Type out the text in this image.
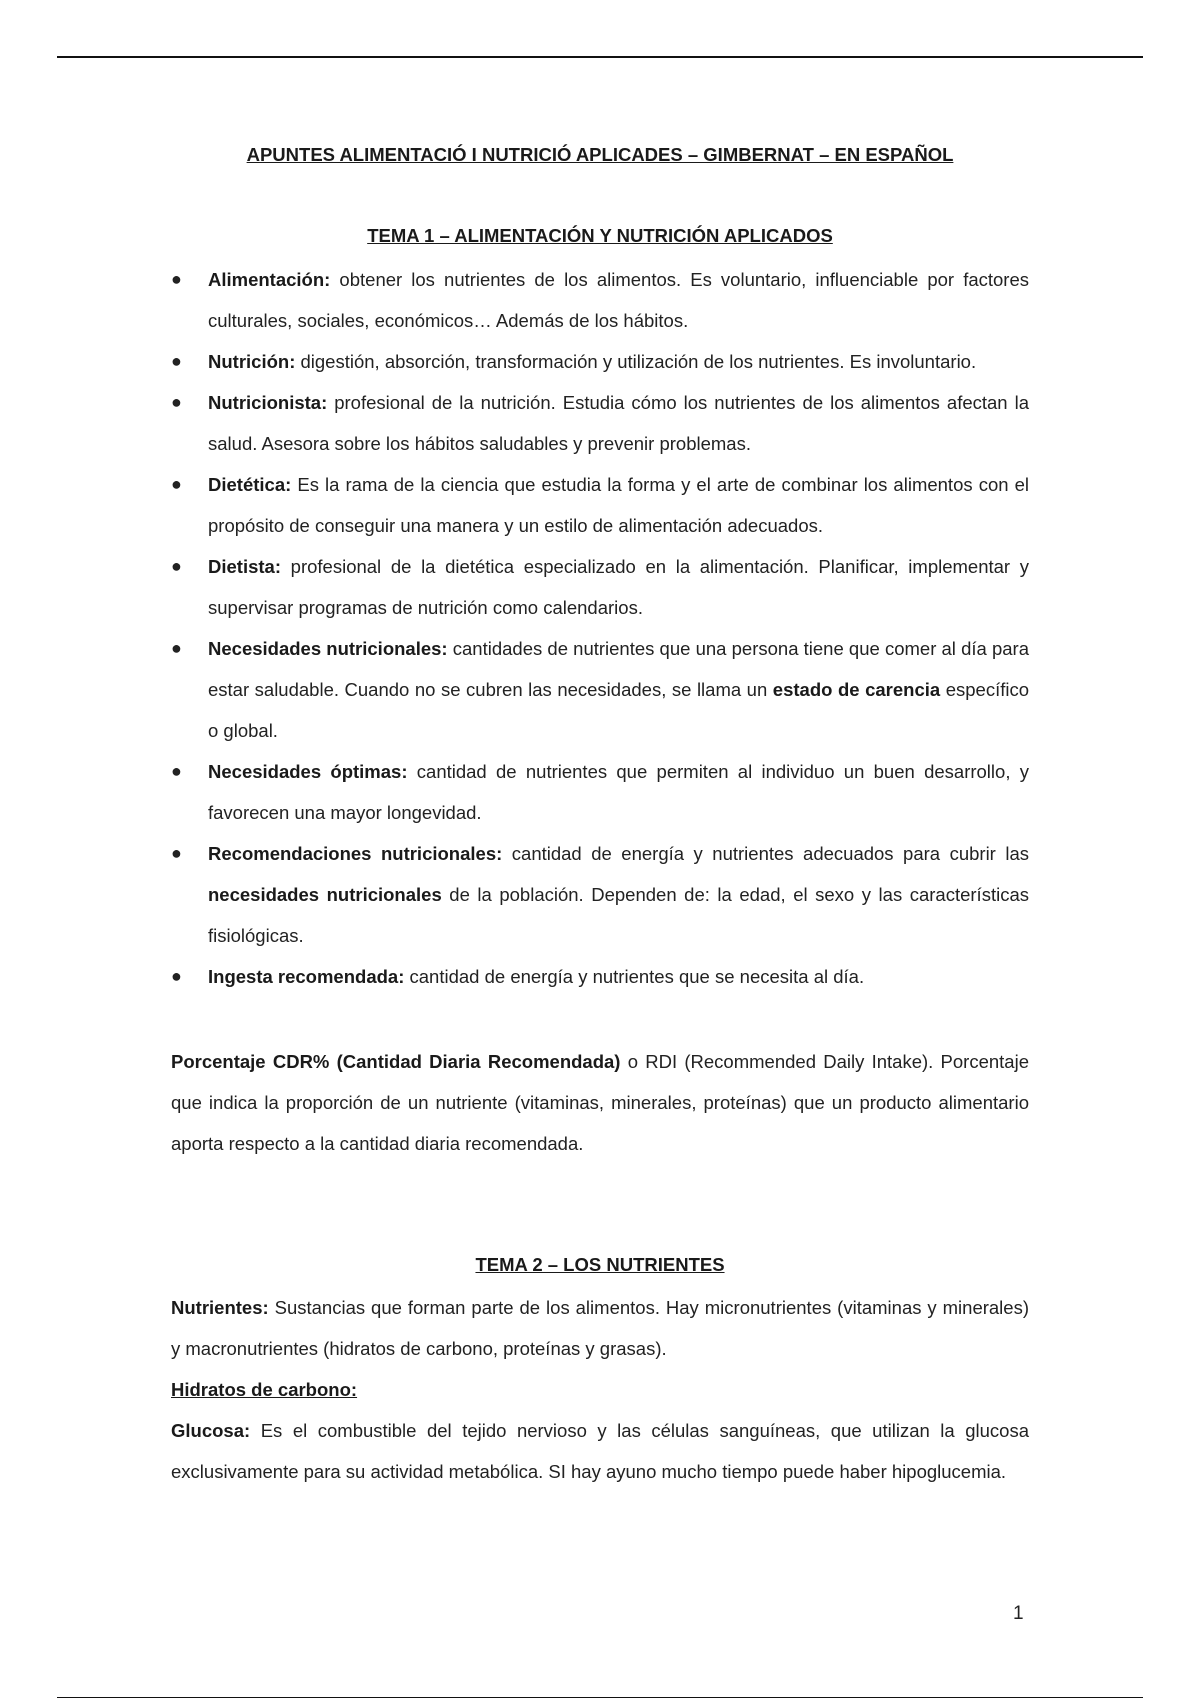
APUNTES ALIMENTACIÓ I NUTRICIÓ APLICADES – GIMBERNAT – EN ESPAÑOL
TEMA 1 – ALIMENTACIÓN Y NUTRICIÓN APLICADOS
● Alimentación: obtener los nutrientes de los alimentos. Es voluntario, influenciable por factores culturales, sociales, económicos… Además de los hábitos.
● Nutrición: digestión, absorción, transformación y utilización de los nutrientes. Es involuntario.
● Nutricionista: profesional de la nutrición. Estudia cómo los nutrientes de los alimentos afectan la salud. Asesora sobre los hábitos saludables y prevenir problemas.
● Dietética: Es la rama de la ciencia que estudia la forma y el arte de combinar los alimentos con el propósito de conseguir una manera y un estilo de alimentación adecuados.
● Dietista: profesional de la dietética especializado en la alimentación. Planificar, implementar y supervisar programas de nutrición como calendarios.
● Necesidades nutricionales: cantidades de nutrientes que una persona tiene que comer al día para estar saludable. Cuando no se cubren las necesidades, se llama un estado de carencia específico o global.
● Necesidades óptimas: cantidad de nutrientes que permiten al individuo un buen desarrollo, y favorecen una mayor longevidad.
● Recomendaciones nutricionales: cantidad de energía y nutrientes adecuados para cubrir las necesidades nutricionales de la población. Dependen de: la edad, el sexo y las características fisiológicas.
● Ingesta recomendada: cantidad de energía y nutrientes que se necesita al día.

Porcentaje CDR% (Cantidad Diaria Recomendada) o RDI (Recommended Daily Intake). Porcentaje que indica la proporción de un nutriente (vitaminas, minerales, proteínas) que un producto alimentario aporta respecto a la cantidad diaria recomendada.

TEMA 2 – LOS NUTRIENTES

Nutrientes: Sustancias que forman parte de los alimentos. Hay micronutrientes (vitaminas y minerales) y macronutrientes (hidratos de carbono, proteínas y grasas).

Hidratos de carbono:

Glucosa: Es el combustible del tejido nervioso y las células sanguíneas, que utilizan la glucosa exclusivamente para su actividad metabólica. SI hay ayuno mucho tiempo puede haber hipoglucemia.

1
